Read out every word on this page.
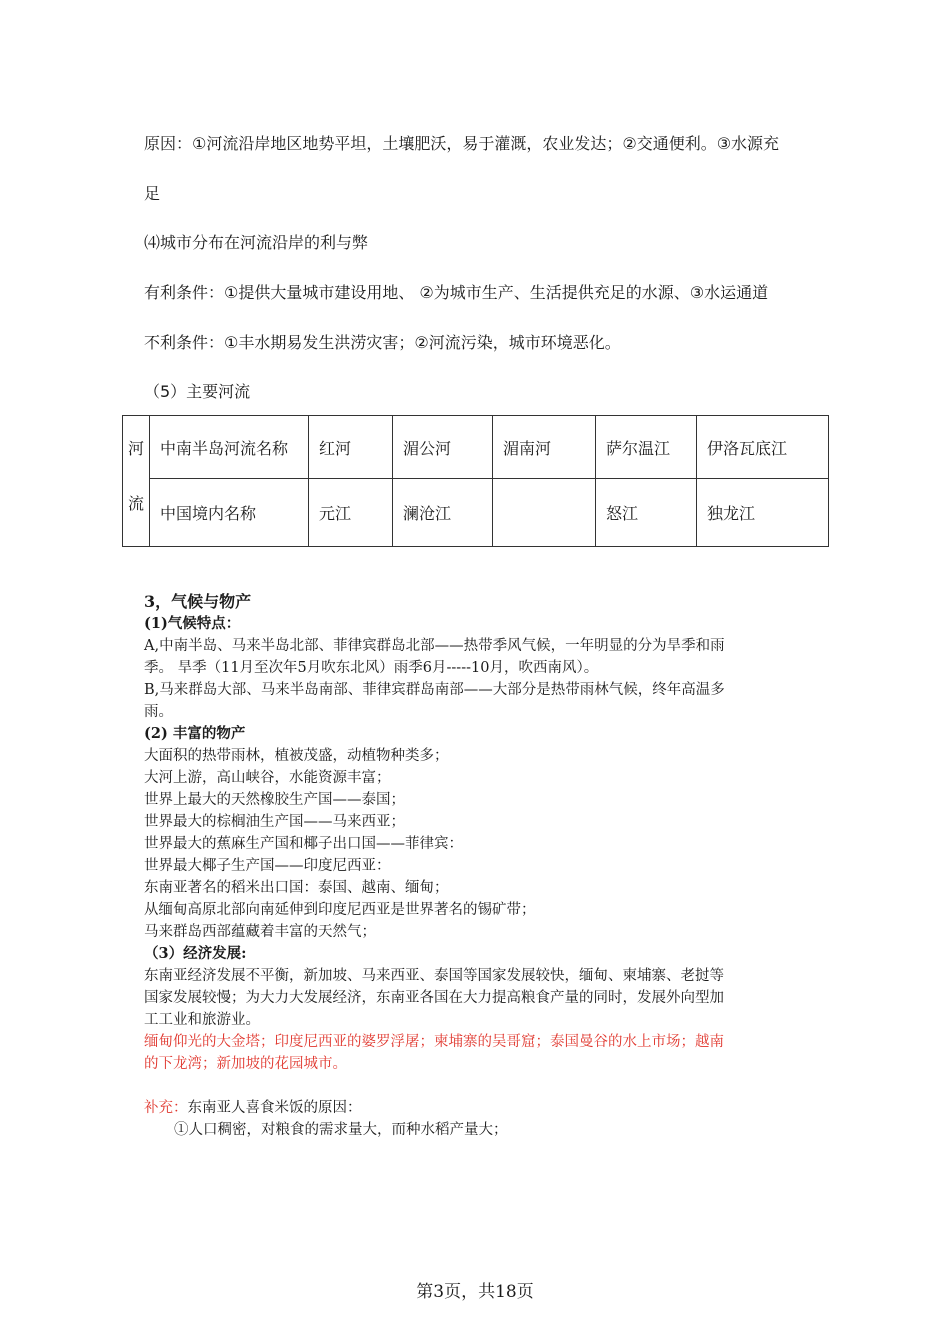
原因：①河流沿岸地区地势平坦，土壤肥沃，易于灌溉，农业发达；②交通便利。③水源充
足
⑷城市分布在河流沿岸的利与弊
有利条件：①提供大量城市建设用地、 ②为城市生产、生活提供充足的水源、③水运通道
不利条件：①丰水期易发生洪涝灾害；②河流污染，城市环境恶化。
（5）主要河流
河	中南半岛河流名称	红河	湄公河	湄南河	萨尔温江	伊洛瓦底江
流	中国境内名称	元江	澜沧江		怒江	独龙江
3，气候与物产
(1)气候特点：
A,中南半岛、马来半岛北部、菲律宾群岛北部——热带季风气候，一年明显的分为旱季和雨
季。 旱季（11月至次年5月吹东北风）雨季6月-----10月，吹西南风）。
B,马来群岛大部、马来半岛南部、菲律宾群岛南部——大部分是热带雨林气候，终年高温多
雨。
(2) 丰富的物产
大面积的热带雨林，植被茂盛，动植物种类多；
大河上游，高山峡谷，水能资源丰富；
世界上最大的天然橡胶生产国——泰国；
世界最大的棕榈油生产国——马来西亚；
世界最大的蕉麻生产国和椰子出口国——菲律宾：
世界最大椰子生产国——印度尼西亚：
东南亚著名的稻米出口国：泰国、越南、缅甸；
从缅甸高原北部向南延伸到印度尼西亚是世界著名的锡矿带；
马来群岛西部蕴藏着丰富的天然气；
（3）经济发展:
东南亚经济发展不平衡，新加坡、马来西亚、泰国等国家发展较快，缅甸、柬埔寨、老挝等
国家发展较慢；为大力大发展经济，东南亚各国在大力提高粮食产量的同时，发展外向型加
工工业和旅游业。
缅甸仰光的大金塔；印度尼西亚的婆罗浮屠；柬埔寨的吴哥窟；泰国曼谷的水上市场；越南
的下龙湾；新加坡的花园城市。
补充：东南亚人喜食米饭的原因：
①人口稠密，对粮食的需求量大，而种水稻产量大；
第3页，共18页
